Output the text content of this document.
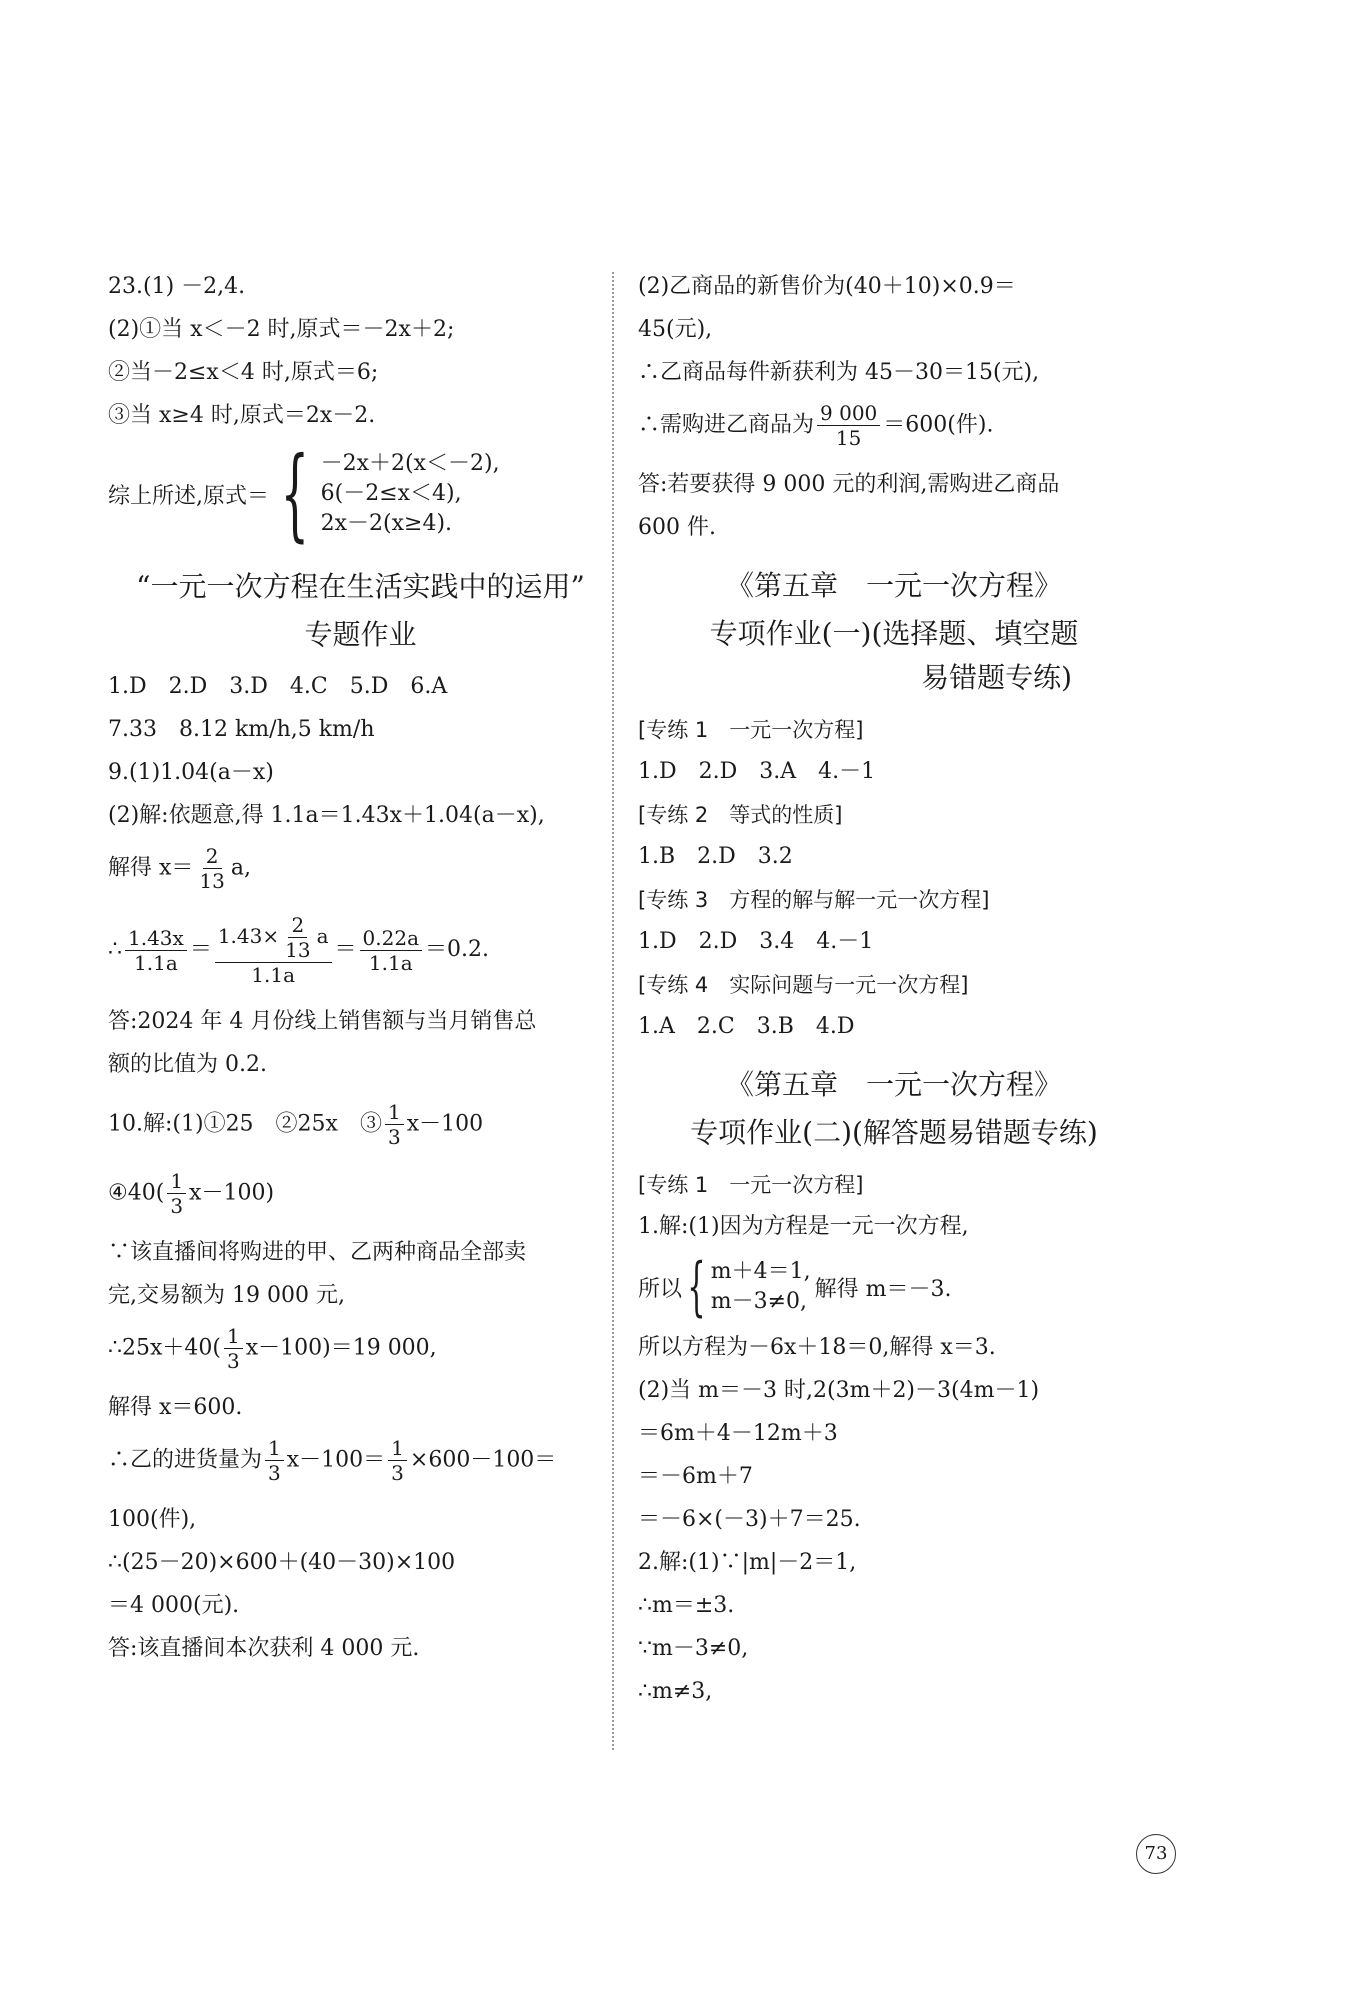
23.(1) －2,4.
(2)①当 x＜－2 时,原式＝－2x＋2;
②当－2≤x＜4 时,原式＝6;
③当 x≥4 时,原式＝2x－2.
综上所述,原式＝ { －2x＋2(x＜－2),
6(－2≤x＜4),
2x－2(x≥4).
“一元一次方程在生活实践中的运用”
专题作业
1.D　2.D　3.D　4.C　5.D　6.A
7.33　8.12 km/h,5 km/h
9.(1)1.04(a－x)
(2)解:依题意,得 1.1a＝1.43x＋1.04(a－x),
解得 $x= \frac{2}{13} a$,
∴ $\frac{1.43x}{1.1a} = \frac{1.43\times \frac{2}{13} a}{1.1a} = \frac{0.22a}{1.1a} =0.2$.
答:2024 年 4 月份线上销售额与当月销售总
额的比值为 0.2.
10.解:(1)①25　②25x　③ $\frac{1}{3} x-100$
④40( $\frac{1}{3} x-100$)
∵该直播间将购进的甲、乙两种商品全部卖
完,交易额为 19 000 元,
∴25x＋40( $\frac{1}{3} x-100)=19$ 000,
解得 x＝600.
∴乙的进货量为 $\frac{1}{3} x-100= \frac{1}{3} \times 600-100=$
100(件),
∴(25－20)×600＋(40－30)×100
＝4 000(元).
答:该直播间本次获利 4 000 元.
(2)乙商品的新售价为(40＋10)×0.9＝
45(元),
∴乙商品每件新获利为 45－30＝15(元),
∴需购进乙商品为 $\frac{9 000}{15} =600$(件).
答:若要获得 9 000 元的利润,需购进乙商品
600 件.
《第五章　一元一次方程》
专项作业(一)(选择题、填空题
易错题专练)
[专练 1　一元一次方程]
1.D　2.D　3.A　4.－1
[专练 2　等式的性质]
1.B　2.D　3.2
[专练 3　方程的解与解一元一次方程]
1.D　2.D　3.4　4.－1
[专练 4　实际问题与一元一次方程]
1.A　2.C　3.B　4.D
《第五章　一元一次方程》
专项作业(二)(解答题易错题专练)
[专练 1　一元一次方程]
1.解:(1)因为方程是一元一次方程,
所以 { m＋4＝1,
m－3≠0, 解得 m＝－3.
所以方程为－6x＋18＝0,解得 x＝3.
(2)当 m＝－3 时,2(3m＋2)－3(4m－1)
＝6m＋4－12m＋3
＝－6m＋7
＝－6×(－3)＋7＝25.
2.解:(1)∵|m|－2＝1,
∴m＝±3.
∵m－3≠0,
∴m≠3,
73
